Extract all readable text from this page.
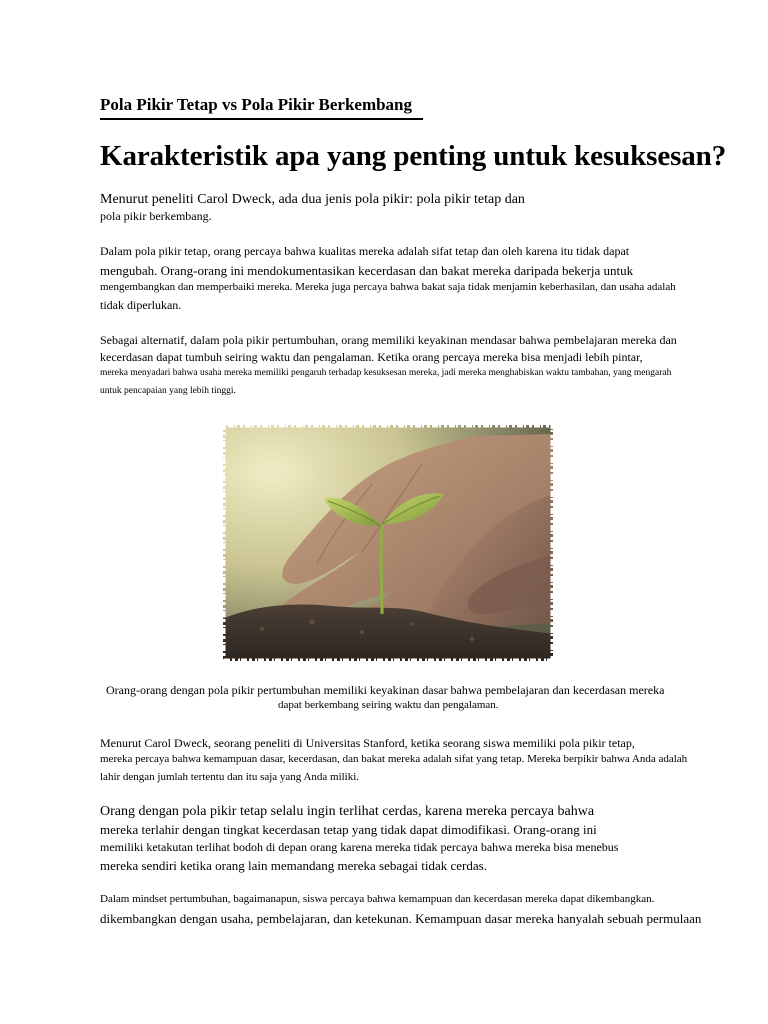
Pola Pikir Tetap vs Pola Pikir Berkembang
Karakteristik apa yang penting untuk kesuksesan?
Menurut peneliti Carol Dweck, ada dua jenis pola pikir: pola pikir tetap dan
pola pikir berkembang.
Dalam pola pikir tetap, orang percaya bahwa kualitas mereka adalah sifat tetap dan oleh karena itu tidak dapat
mengubah. Orang-orang ini mendokumentasikan kecerdasan dan bakat mereka daripada bekerja untuk
mengembangkan dan memperbaiki mereka. Mereka juga percaya bahwa bakat saja tidak menjamin keberhasilan, dan usaha adalah
tidak diperlukan.
Sebagai alternatif, dalam pola pikir pertumbuhan, orang memiliki keyakinan mendasar bahwa pembelajaran mereka dan
kecerdasan dapat tumbuh seiring waktu dan pengalaman. Ketika orang percaya mereka bisa menjadi lebih pintar,
mereka menyadari bahwa usaha mereka memiliki pengaruh terhadap kesuksesan mereka, jadi mereka menghabiskan waktu tambahan, yang mengarah
untuk pencapaian yang lebih tinggi.
Orang-orang dengan pola pikir pertumbuhan memiliki keyakinan dasar bahwa pembelajaran dan kecerdasan mereka
dapat berkembang seiring waktu dan pengalaman.
Menurut Carol Dweck, seorang peneliti di Universitas Stanford, ketika seorang siswa memiliki pola pikir tetap,
mereka percaya bahwa kemampuan dasar, kecerdasan, dan bakat mereka adalah sifat yang tetap. Mereka berpikir bahwa Anda adalah
lahir dengan jumlah tertentu dan itu saja yang Anda miliki.
Orang dengan pola pikir tetap selalu ingin terlihat cerdas, karena mereka percaya bahwa
mereka terlahir dengan tingkat kecerdasan tetap yang tidak dapat dimodifikasi. Orang-orang ini
memiliki ketakutan terlihat bodoh di depan orang karena mereka tidak percaya bahwa mereka bisa menebus
mereka sendiri ketika orang lain memandang mereka sebagai tidak cerdas.
Dalam mindset pertumbuhan, bagaimanapun, siswa percaya bahwa kemampuan dan kecerdasan mereka dapat dikembangkan.
dikembangkan dengan usaha, pembelajaran, dan ketekunan. Kemampuan dasar mereka hanyalah sebuah permulaan
